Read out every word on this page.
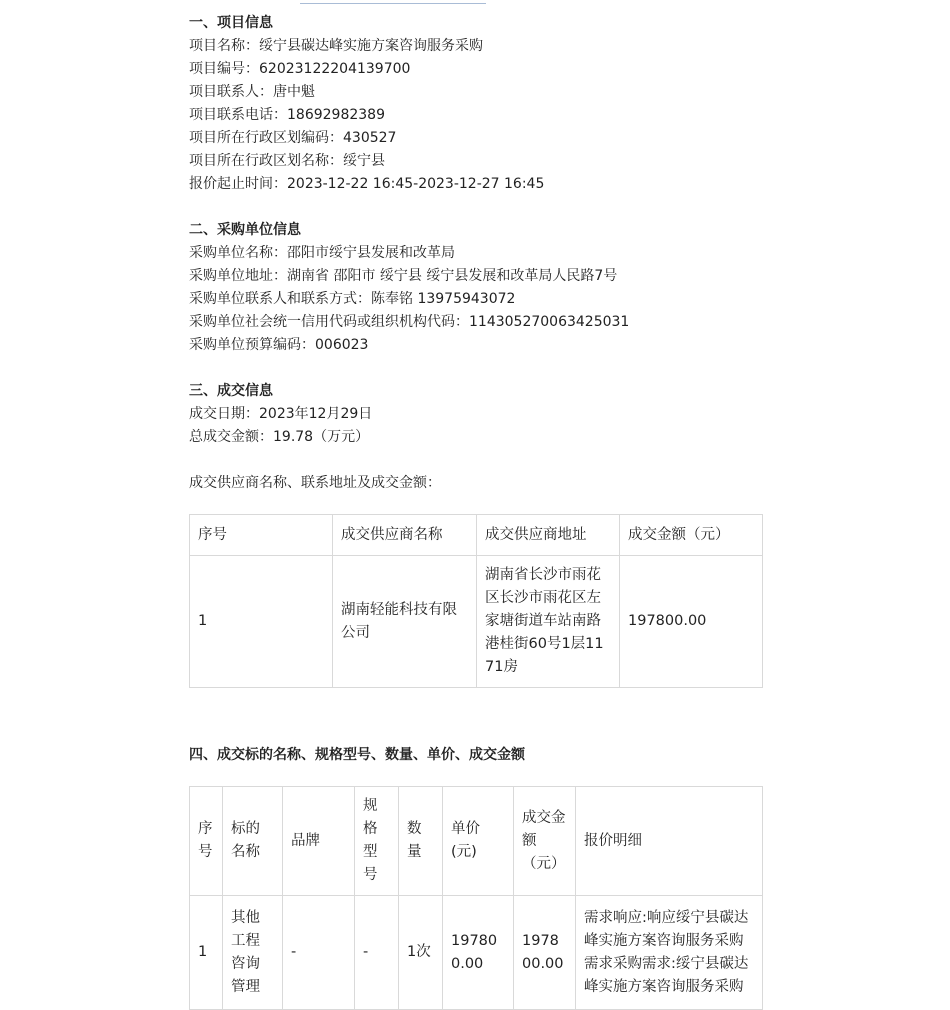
一、项目信息
项目名称：绥宁县碳达峰实施方案咨询服务采购
项目编号：62023122204139700
项目联系人：唐中魁
项目联系电话：18692982389
项目所在行政区划编码：430527
项目所在行政区划名称：绥宁县
报价起止时间：2023-12-22 16:45-2023-12-27 16:45
二、采购单位信息
采购单位名称：邵阳市绥宁县发展和改革局
采购单位地址：湖南省 邵阳市 绥宁县 绥宁县发展和改革局人民路7号
采购单位联系人和联系方式：陈奉铭 13975943072
采购单位社会统一信用代码或组织机构代码：114305270063425031
采购单位预算编码：006023
三、成交信息
成交日期：2023年12月29日
总成交金额：19.78（万元）
成交供应商名称、联系地址及成交金额：
序号	成交供应商名称	成交供应商地址	成交金额（元）
1	湖南轻能科技有限公司	湖南省长沙市雨花区长沙市雨花区左家塘街道车站南路港桂街60号1层1171房	197800.00
四、成交标的名称、规格型号、数量、单价、成交金额
序号	标的名称	品牌	规格型号	数量	单价(元)	成交金额（元）	报价明细
1	其他工程咨询管理	-	-	1次	197800.00	197800.00	需求响应:响应绥宁县碳达峰实施方案咨询服务采购需求采购需求:绥宁县碳达峰实施方案咨询服务采购
